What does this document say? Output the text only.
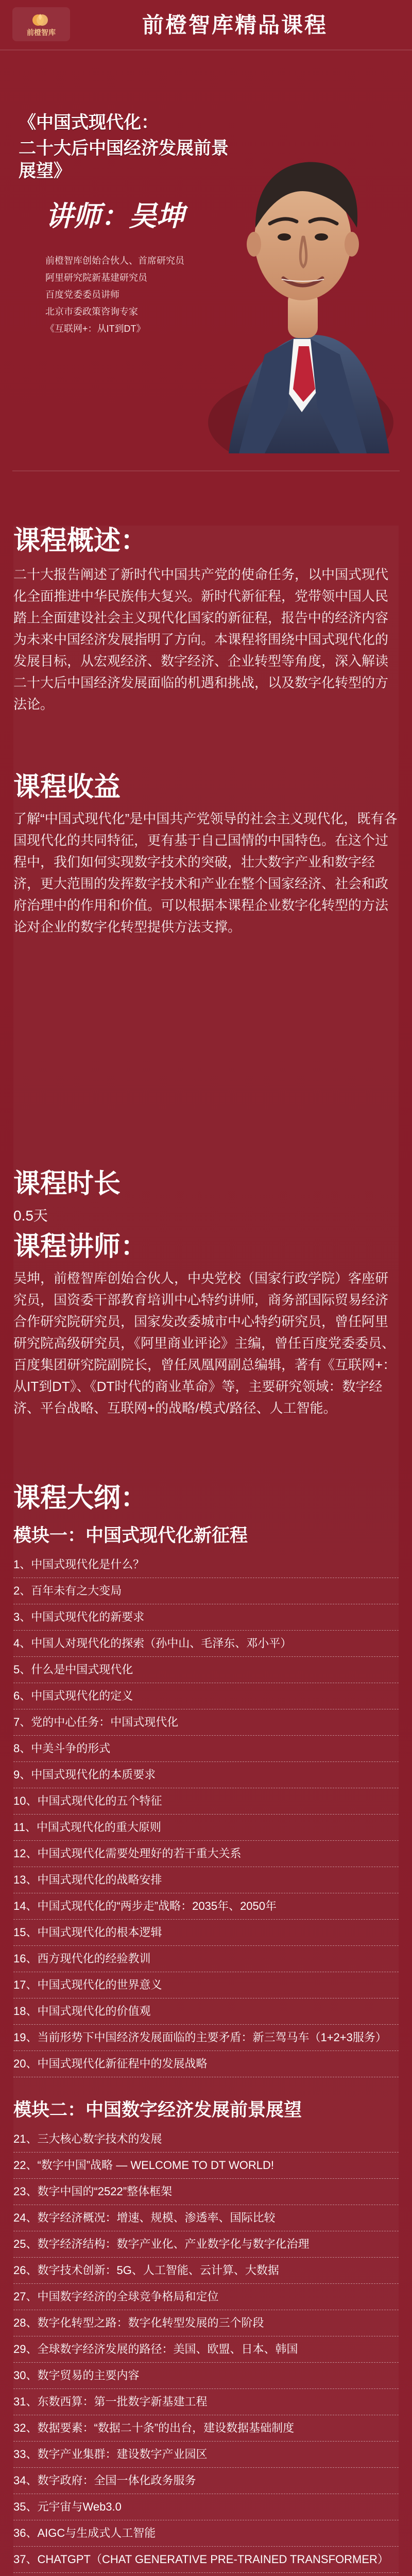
前橙智库	前橙智库精品课程
《中国式现代化：
二十大后中国经济发展前景展望》
讲师：吴坤
前橙智库创始合伙人、首席研究员
阿里研究院新基建研究员
百度党委委员讲师
北京市委政策咨询专家
《互联网+：从IT到DT》
课程概述：
二十大报告阐述了新时代中国共产党的使命任务，以中国式现代化全面推进中华民族伟大复兴。新时代新征程，党带领中国人民踏上全面建设社会主义现代化国家的新征程，报告中的经济内容为未来中国经济发展指明了方向。本课程将围绕中国式现代化的发展目标，从宏观经济、数字经济、企业转型等角度，深入解读二十大后中国经济发展面临的机遇和挑战，以及数字化转型的方法论。
课程收益
了解“中国式现代化”是中国共产党领导的社会主义现代化，既有各国现代化的共同特征，更有基于自己国情的中国特色。在这个过程中，我们如何实现数字技术的突破，壮大数字产业和数字经济，更大范围的发挥数字技术和产业在整个国家经济、社会和政府治理中的作用和价值。可以根据本课程企业数字化转型的方法论对企业的数字化转型提供方法支撑。
课程时长
0.5天
课程讲师：
吴坤，前橙智库创始合伙人，中央党校（国家行政学院）客座研究员，国资委干部教育培训中心特约讲师，商务部国际贸易经济合作研究院研究员，国家发改委城市中心特约研究员，曾任阿里研究院高级研究员，《阿里商业评论》主编，曾任百度党委委员、百度集团研究院副院长，曾任凤凰网副总编辑，著有《互联网+：从IT到DT》、《DT时代的商业革命》等，主要研究领域：数字经济、平台战略、互联网+的战略/模式/路径、人工智能。
课程大纲：
模块一：中国式现代化新征程
1、中国式现代化是什么？
2、百年未有之大变局
3、中国式现代化的新要求
4、中国人对现代化的探索（孙中山、毛泽东、邓小平）
5、什么是中国式现代化
6、中国式现代化的定义
7、党的中心任务：中国式现代化
8、中美斗争的形式
9、中国式现代化的本质要求
10、中国式现代化的五个特征
11、中国式现代化的重大原则
12、中国式现代化需要处理好的若干重大关系
13、中国式现代化的战略安排
14、中国式现代化的“两步走”战略：2035年、2050年
15、中国式现代化的根本逻辑
16、西方现代化的经验教训
17、中国式现代化的世界意义
18、中国式现代化的价值观
19、当前形势下中国经济发展面临的主要矛盾：新三驾马车（1+2+3服务）
20、中国式现代化新征程中的发展战略
模块二：中国数字经济发展前景展望
21、三大核心数字技术的发展
22、“数字中国”战略 — WELCOME TO DT WORLD!
23、数字中国的“2522”整体框架
24、数字经济概况：增速、规模、渗透率、国际比较
25、数字经济结构：数字产业化、产业数字化与数字化治理
26、数字技术创新：5G、人工智能、云计算、大数据
27、中国数字经济的全球竞争格局和定位
28、数字化转型之路：数字化转型发展的三个阶段
29、全球数字经济发展的路径：美国、欧盟、日本、韩国
30、数字贸易的主要内容
31、东数西算：第一批数字新基建工程
32、数据要素：“数据二十条”的出台，建设数据基础制度
33、数字产业集群：建设数字产业园区
34、数字政府：全国一体化政务服务
35、元宇宙与Web3.0
36、AIGC与生成式人工智能
37、CHATGPT（CHAT GENERATIVE PRE-TRAINED TRANSFORMER）
